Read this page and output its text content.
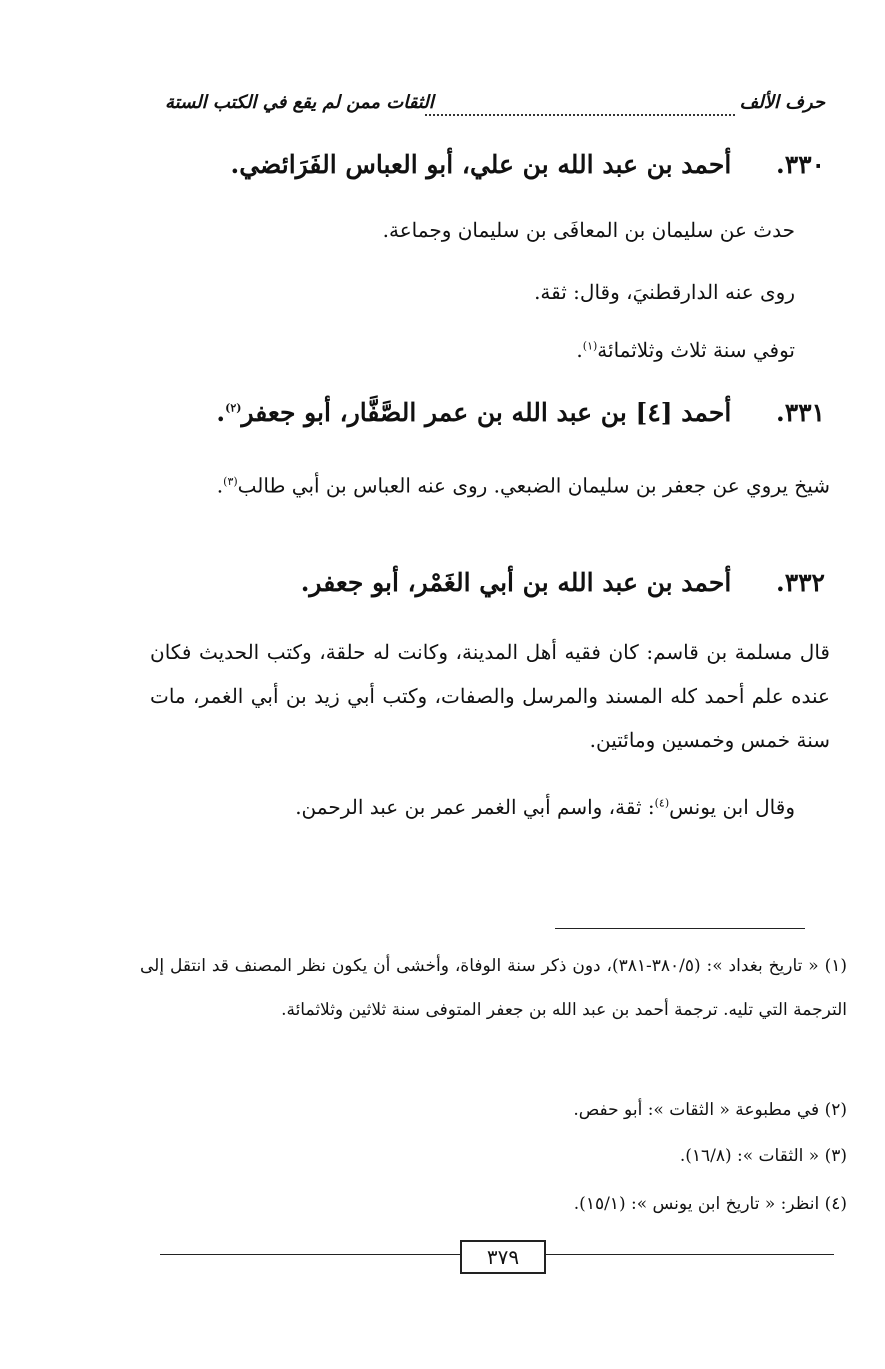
حرف الألف
الثقات ممن لم يقع في الكتب الستة
٣٣٠. أحمد بن عبد الله بن علي، أبو العباس الفَرَائضي.
حدث عن سليمان بن المعافَى بن سليمان وجماعة.
روى عنه الدارقطنيَ، وقال: ثقة.
توفي سنة ثلاث وثلاثمائة$^{(١)}$.
٣٣١. أحمد [٤] بن عبد الله بن عمر الصَّفَّار، أبو جعفر$^{(٢)}$.
شيخ يروي عن جعفر بن سليمان الضبعي. روى عنه العباس بن أبي طالب$^{(٣)}$.
٣٣٢. أحمد بن عبد الله بن أبي الغَمْر، أبو جعفر.
قال مسلمة بن قاسم: كان فقيه أهل المدينة، وكانت له حلقة، وكتب الحديث فكان عنده علم أحمد كله المسند والمرسل والصفات، وكتب أبي زيد بن أبي الغمر، مات سنة خمس وخمسين ومائتين.
وقال ابن يونس$^{(٤)}$: ثقة، واسم أبي الغمر عمر بن عبد الرحمن.
(١) « تاريخ بغداد »: (٣٨٠/٥-٣٨١)، دون ذكر سنة الوفاة، وأخشى أن يكون نظر المصنف قد انتقل إلى الترجمة التي تليه. ترجمة أحمد بن عبد الله بن جعفر المتوفى سنة ثلاثين وثلاثمائة.
(٢) في مطبوعة « الثقات »: أبو حفص.
(٣) « الثقات »: (١٦/٨).
(٤) انظر: « تاريخ ابن يونس »: (١٥/١).
٣٧٩
